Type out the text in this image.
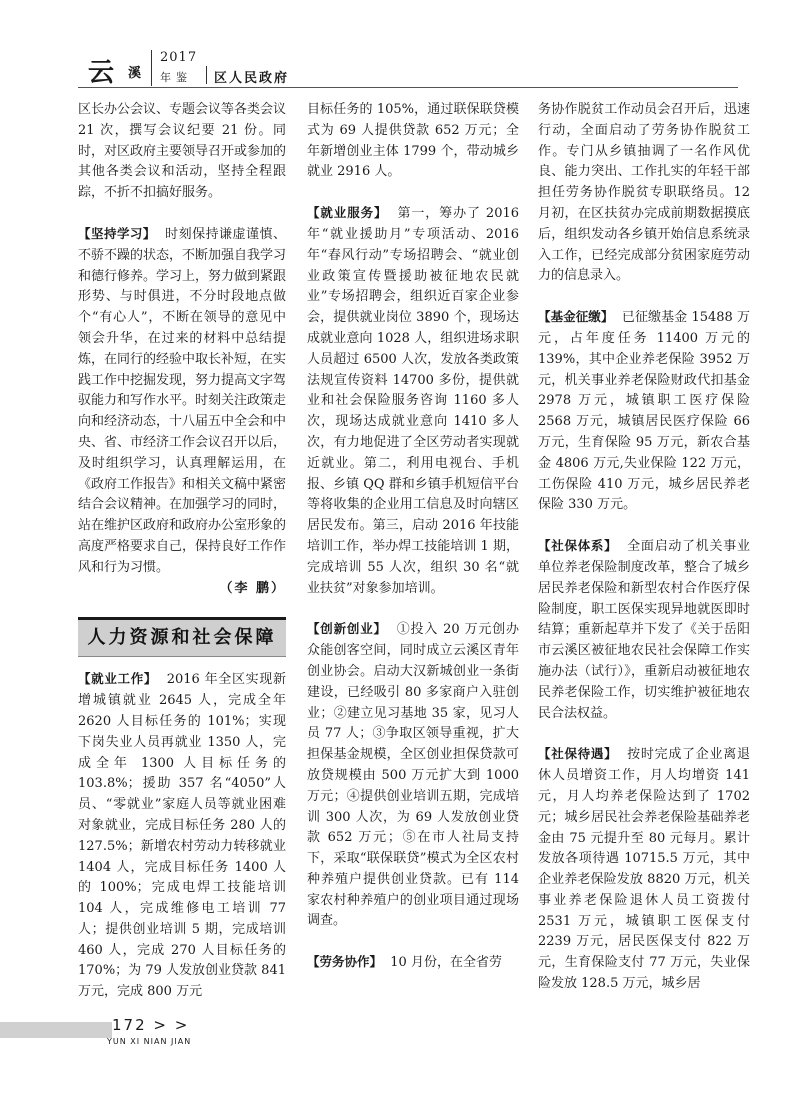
云 溪
2017
年鉴 区人民政府

区长办公会议、专题会议等各类会议 21 次，撰写会议纪要 21 份。同时，对区政府主要领导召开或参加的其他各类会议和活动，坚持全程跟踪，不折不扣搞好服务。

【坚持学习】 时刻保持谦虚谨慎、不骄不躁的状态，不断加强自我学习和德行修养。学习上，努力做到紧跟形势、与时俱进，不分时段地点做个“有心人”，不断在领导的意见中领会升华，在过来的材料中总结提炼，在同行的经验中取长补短，在实践工作中挖掘发现，努力提高文字驾驭能力和写作水平。时刻关注政策走向和经济动态，十八届五中全会和中央、省、市经济工作会议召开以后，及时组织学习，认真理解运用，在《政府工作报告》和相关文稿中紧密结合会议精神。在加强学习的同时，站在维护区政府和政府办公室形象的高度严格要求自己，保持良好工作作风和行为习惯。

（李 鹏）

人力资源和社会保障

【就业工作】 2016 年全区实现新增城镇就业 2645 人，完成全年 2620 人目标任务的 101%；实现下岗失业人员再就业 1350 人，完成全年 1300 人目标任务的 103.8%；援助 357 名“4050”人员、“零就业”家庭人员等就业困难对象就业，完成目标任务 280 人的 127.5%；新增农村劳动力转移就业 1404 人，完成目标任务 1400 人的 100%；完成电焊工技能培训 104 人，完成维修电工培训 77 人；提供创业培训 5 期，完成培训 460 人，完成 270 人目标任务的 170%；为 79 人发放创业贷款 841 万元，完成 800 万元

目标任务的 105%，通过联保联贷模式为 69 人提供贷款 652 万元；全年新增创业主体 1799 个，带动城乡就业 2916 人。

【就业服务】 第一，筹办了 2016 年“就业援助月”专项活动、2016 年“春风行动”专场招聘会、“就业创业政策宣传暨援助被征地农民就业”专场招聘会，组织近百家企业参会，提供就业岗位 3890 个，现场达成就业意向 1028 人，组织进场求职人员超过 6500 人次，发放各类政策法规宣传资料 14700 多份，提供就业和社会保险服务咨询 1160 多人次，现场达成就业意向 1410 多人次，有力地促进了全区劳动者实现就近就业。第二，利用电视台、手机报、乡镇 QQ 群和乡镇手机短信平台等将收集的企业用工信息及时向辖区居民发布。第三，启动 2016 年技能培训工作，举办焊工技能培训 1 期，完成培训 55 人次，组织 30 名“就业扶贫”对象参加培训。

【创新创业】 ①投入 20 万元创办众能创客空间，同时成立云溪区青年创业协会。启动大汉新城创业一条街建设，已经吸引 80 多家商户入驻创业；②建立见习基地 35 家，见习人员 77 人；③争取区领导重视，扩大担保基金规模，全区创业担保贷款可放贷规模由 500 万元扩大到 1000 万元；④提供创业培训五期，完成培训 300 人次，为 69 人发放创业贷款 652 万元；⑤在市人社局支持下，采取“联保联贷”模式为全区农村种养殖户提供创业贷款。已有 114 家农村种养殖户的创业项目通过现场调查。

【劳务协作】 10 月份，在全省劳

务协作脱贫工作动员会召开后，迅速行动，全面启动了劳务协作脱贫工作。专门从乡镇抽调了一名作风优良、能力突出、工作扎实的年轻干部担任劳务协作脱贫专职联络员。12 月初，在区扶贫办完成前期数据摸底后，组织发动各乡镇开始信息系统录入工作，已经完成部分贫困家庭劳动力的信息录入。

【基金征缴】 已征缴基金 15488 万元，占年度任务 11400 万元的 139%，其中企业养老保险 3952 万元，机关事业养老保险财政代扣基金 2978 万元，城镇职工医疗保险 2568 万元，城镇居民医疗保险 66 万元，生育保险 95 万元，新农合基金 4806 万元,失业保险 122 万元，工伤保险 410 万元，城乡居民养老保险 330 万元。

【社保体系】 全面启动了机关事业单位养老保险制度改革，整合了城乡居民养老保险和新型农村合作医疗保险制度，职工医保实现异地就医即时结算；重新起草并下发了《关于岳阳市云溪区被征地农民社会保障工作实施办法（试行）》，重新启动被征地农民养老保险工作，切实维护被征地农民合法权益。

【社保待遇】 按时完成了企业离退休人员增资工作，月人均增资 141 元，月人均养老保险达到了 1702 元；城乡居民社会养老保险基础养老金由 75 元提升至 80 元每月。累计发放各项待遇 10715.5 万元，其中企业养老保险发放 8820 万元，机关事业养老保险退休人员工资拨付 2531 万元，城镇职工医保支付 2239 万元，居民医保支付 822 万元，生育保险支付 77 万元，失业保险发放 128.5 万元，城乡居

172 > >
YUN XI NIAN JIAN
